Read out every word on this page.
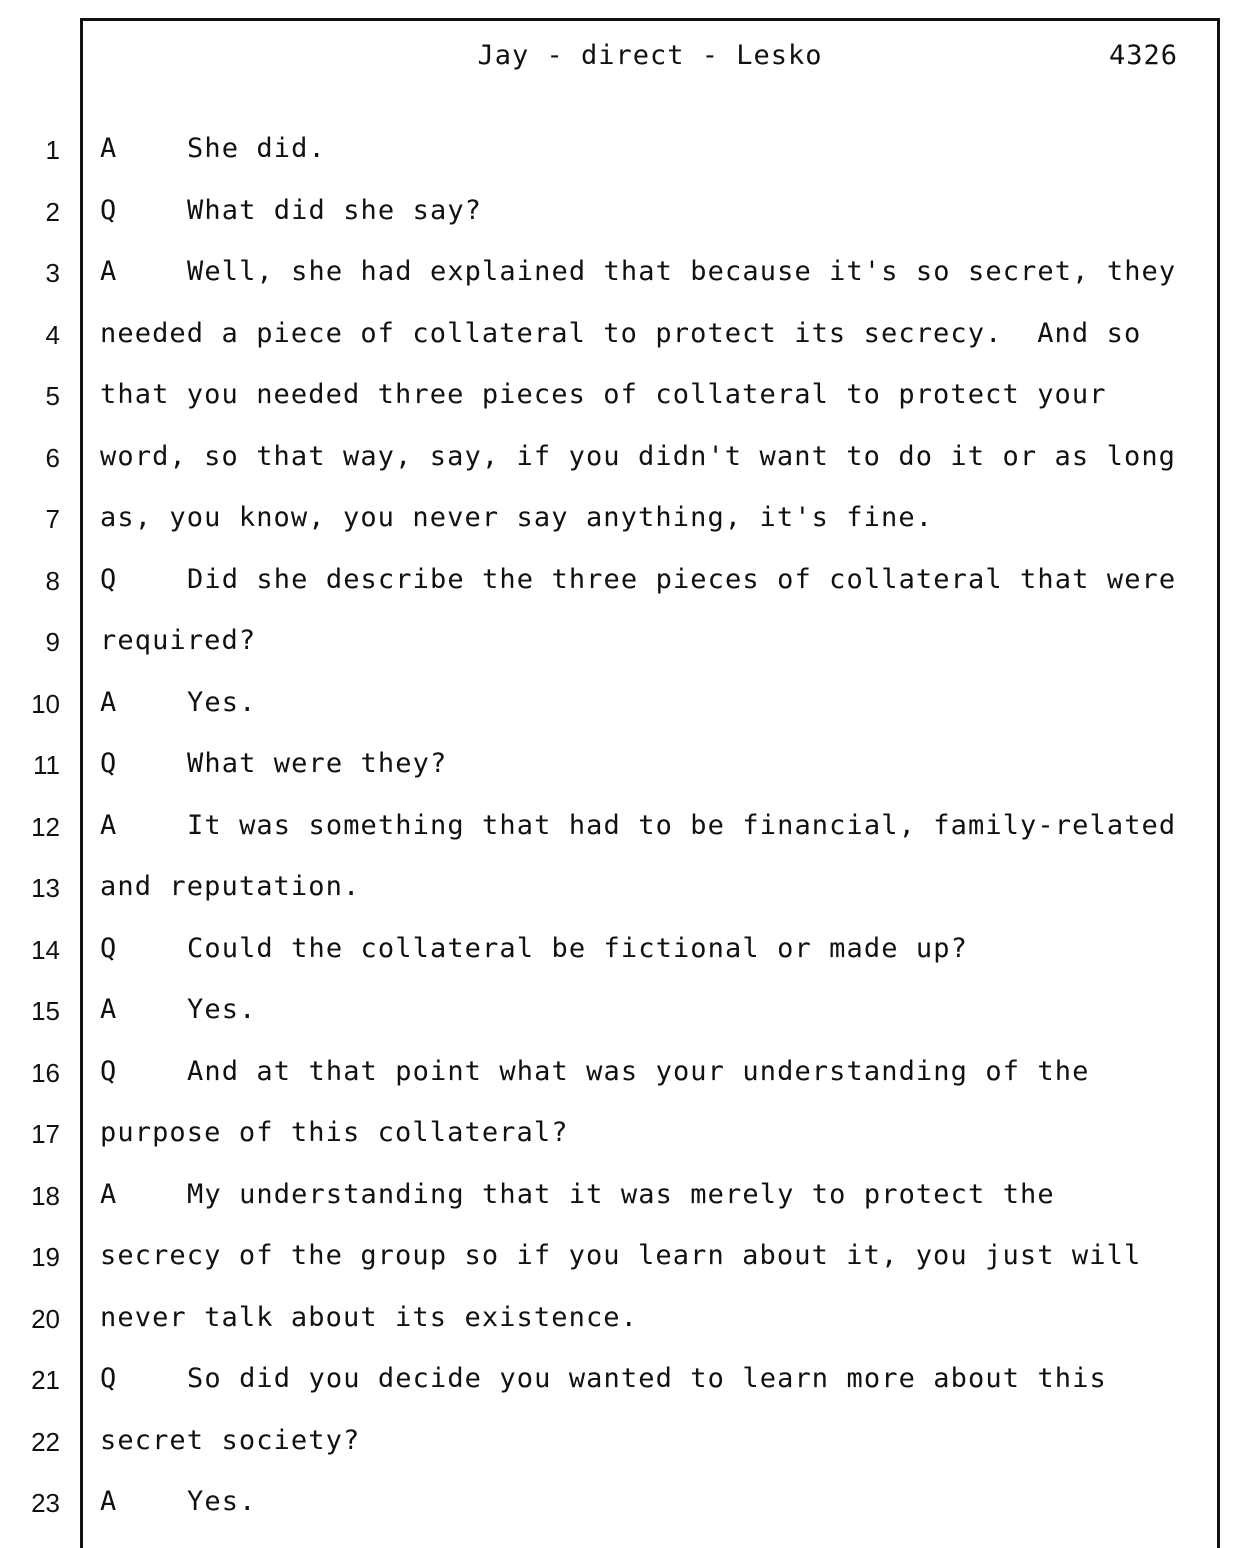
Jay - direct - Lesko	4326
1 A	She did.
2 Q	What did she say?
3 A	Well, she had explained that because it's so secret, they
4 needed a piece of collateral to protect its secrecy.  And so
5 that you needed three pieces of collateral to protect your
6 word, so that way, say, if you didn't want to do it or as long
7 as, you know, you never say anything, it's fine.
8 Q	Did she describe the three pieces of collateral that were
9 required?
10 A	Yes.
11 Q	What were they?
12 A	It was something that had to be financial, family-related
13 and reputation.
14 Q	Could the collateral be fictional or made up?
15 A	Yes.
16 Q	And at that point what was your understanding of the
17 purpose of this collateral?
18 A	My understanding that it was merely to protect the
19 secrecy of the group so if you learn about it, you just will
20 never talk about its existence.
21 Q	So did you decide you wanted to learn more about this
22 secret society?
23 A	Yes.
